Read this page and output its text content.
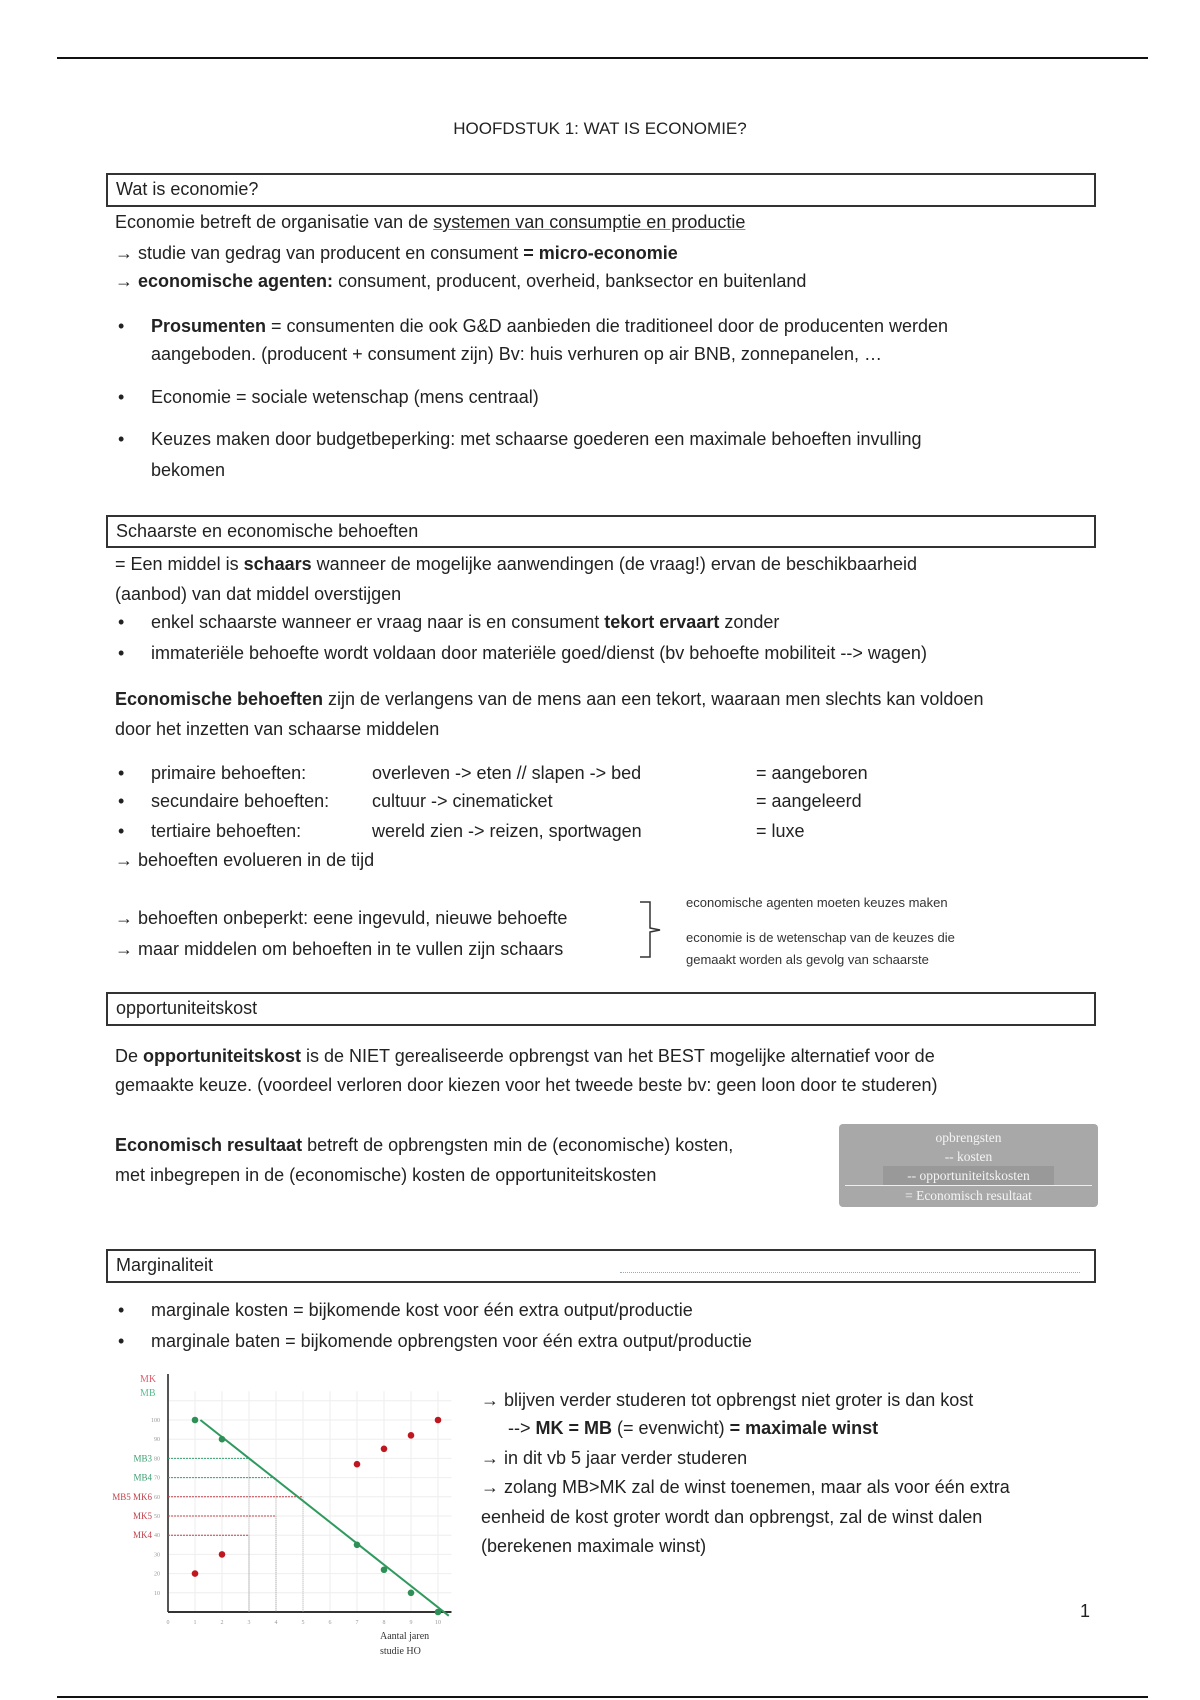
HOOFDSTUK 1: WAT IS ECONOMIE?
Wat is economie?
Economie betreft de organisatie van de systemen van consumptie en productie
→ studie van gedrag van producent en consument = micro-economie
→ economische agenten: consument, producent, overheid, banksector en buitenland
• Prosumenten = consumenten die ook G&D aanbieden die traditioneel door de producenten werden
aangeboden. (producent + consument zijn) Bv: huis verhuren op air BNB, zonnepanelen, …
• Economie = sociale wetenschap (mens centraal)
• Keuzes maken door budgetbeperking: met schaarse goederen een maximale behoeften invulling
bekomen
Schaarste en economische behoeften
= Een middel is schaars wanneer de mogelijke aanwendingen (de vraag!) ervan de beschikbaarheid
(aanbod) van dat middel overstijgen
• enkel schaarste wanneer er vraag naar is en consument tekort ervaart zonder
• immateriële behoefte wordt voldaan door materiële goed/dienst (bv behoefte mobiliteit --> wagen)
Economische behoeften zijn de verlangens van de mens aan een tekort, waaraan men slechts kan voldoen
door het inzetten van schaarse middelen
• primaire behoeften:	overleven -> eten // slapen -> bed	= aangeboren
• secundaire behoeften: cultuur -> cinematicket	= aangeleerd
• tertiaire behoeften:	wereld zien -> reizen, sportwagen	= luxe
→ behoeften evolueren in de tijd
→ behoeften onbeperkt: eene ingevuld, nieuwe behoefte
→ maar middelen om behoeften in te vullen zijn schaars
economische agenten moeten keuzes maken
economie is de wetenschap van de keuzes die
gemaakt worden als gevolg van schaarste
opportuniteitskost
De opportuniteitskost is de NIET gerealiseerde opbrengst van het BEST mogelijke alternatief voor de
gemaakte keuze. (voordeel verloren door kiezen voor het tweede beste bv: geen loon door te studeren)
Economisch resultaat betreft de opbrengsten min de (economische) kosten,
met inbegrepen in de (economische) kosten de opportuniteitskosten
opbrengsten
-- kosten
-- opportuniteitskosten
= Economisch resultaat
Marginaliteit
• marginale kosten = bijkomende kost voor één extra output/productie
• marginale baten = bijkomende opbrengsten voor één extra output/productie
→ blijven verder studeren tot opbrengst niet groter is dan kost
--> MK = MB (= evenwicht) = maximale winst
→ in dit vb 5 jaar verder studeren
→ zolang MB>MK zal de winst toenemen, maar als voor één extra
eenheid de kost groter wordt dan opbrengst, zal de winst dalen
(berekenen maximale winst)
0	1	2	3	4	5	6	7	8	9	10
10
20
30
40
50
60
70
80
90
100
MK
MB
Aantal jaren
studie HO
MB3
MB4
MB5 MK6
MK5
MK4
1
